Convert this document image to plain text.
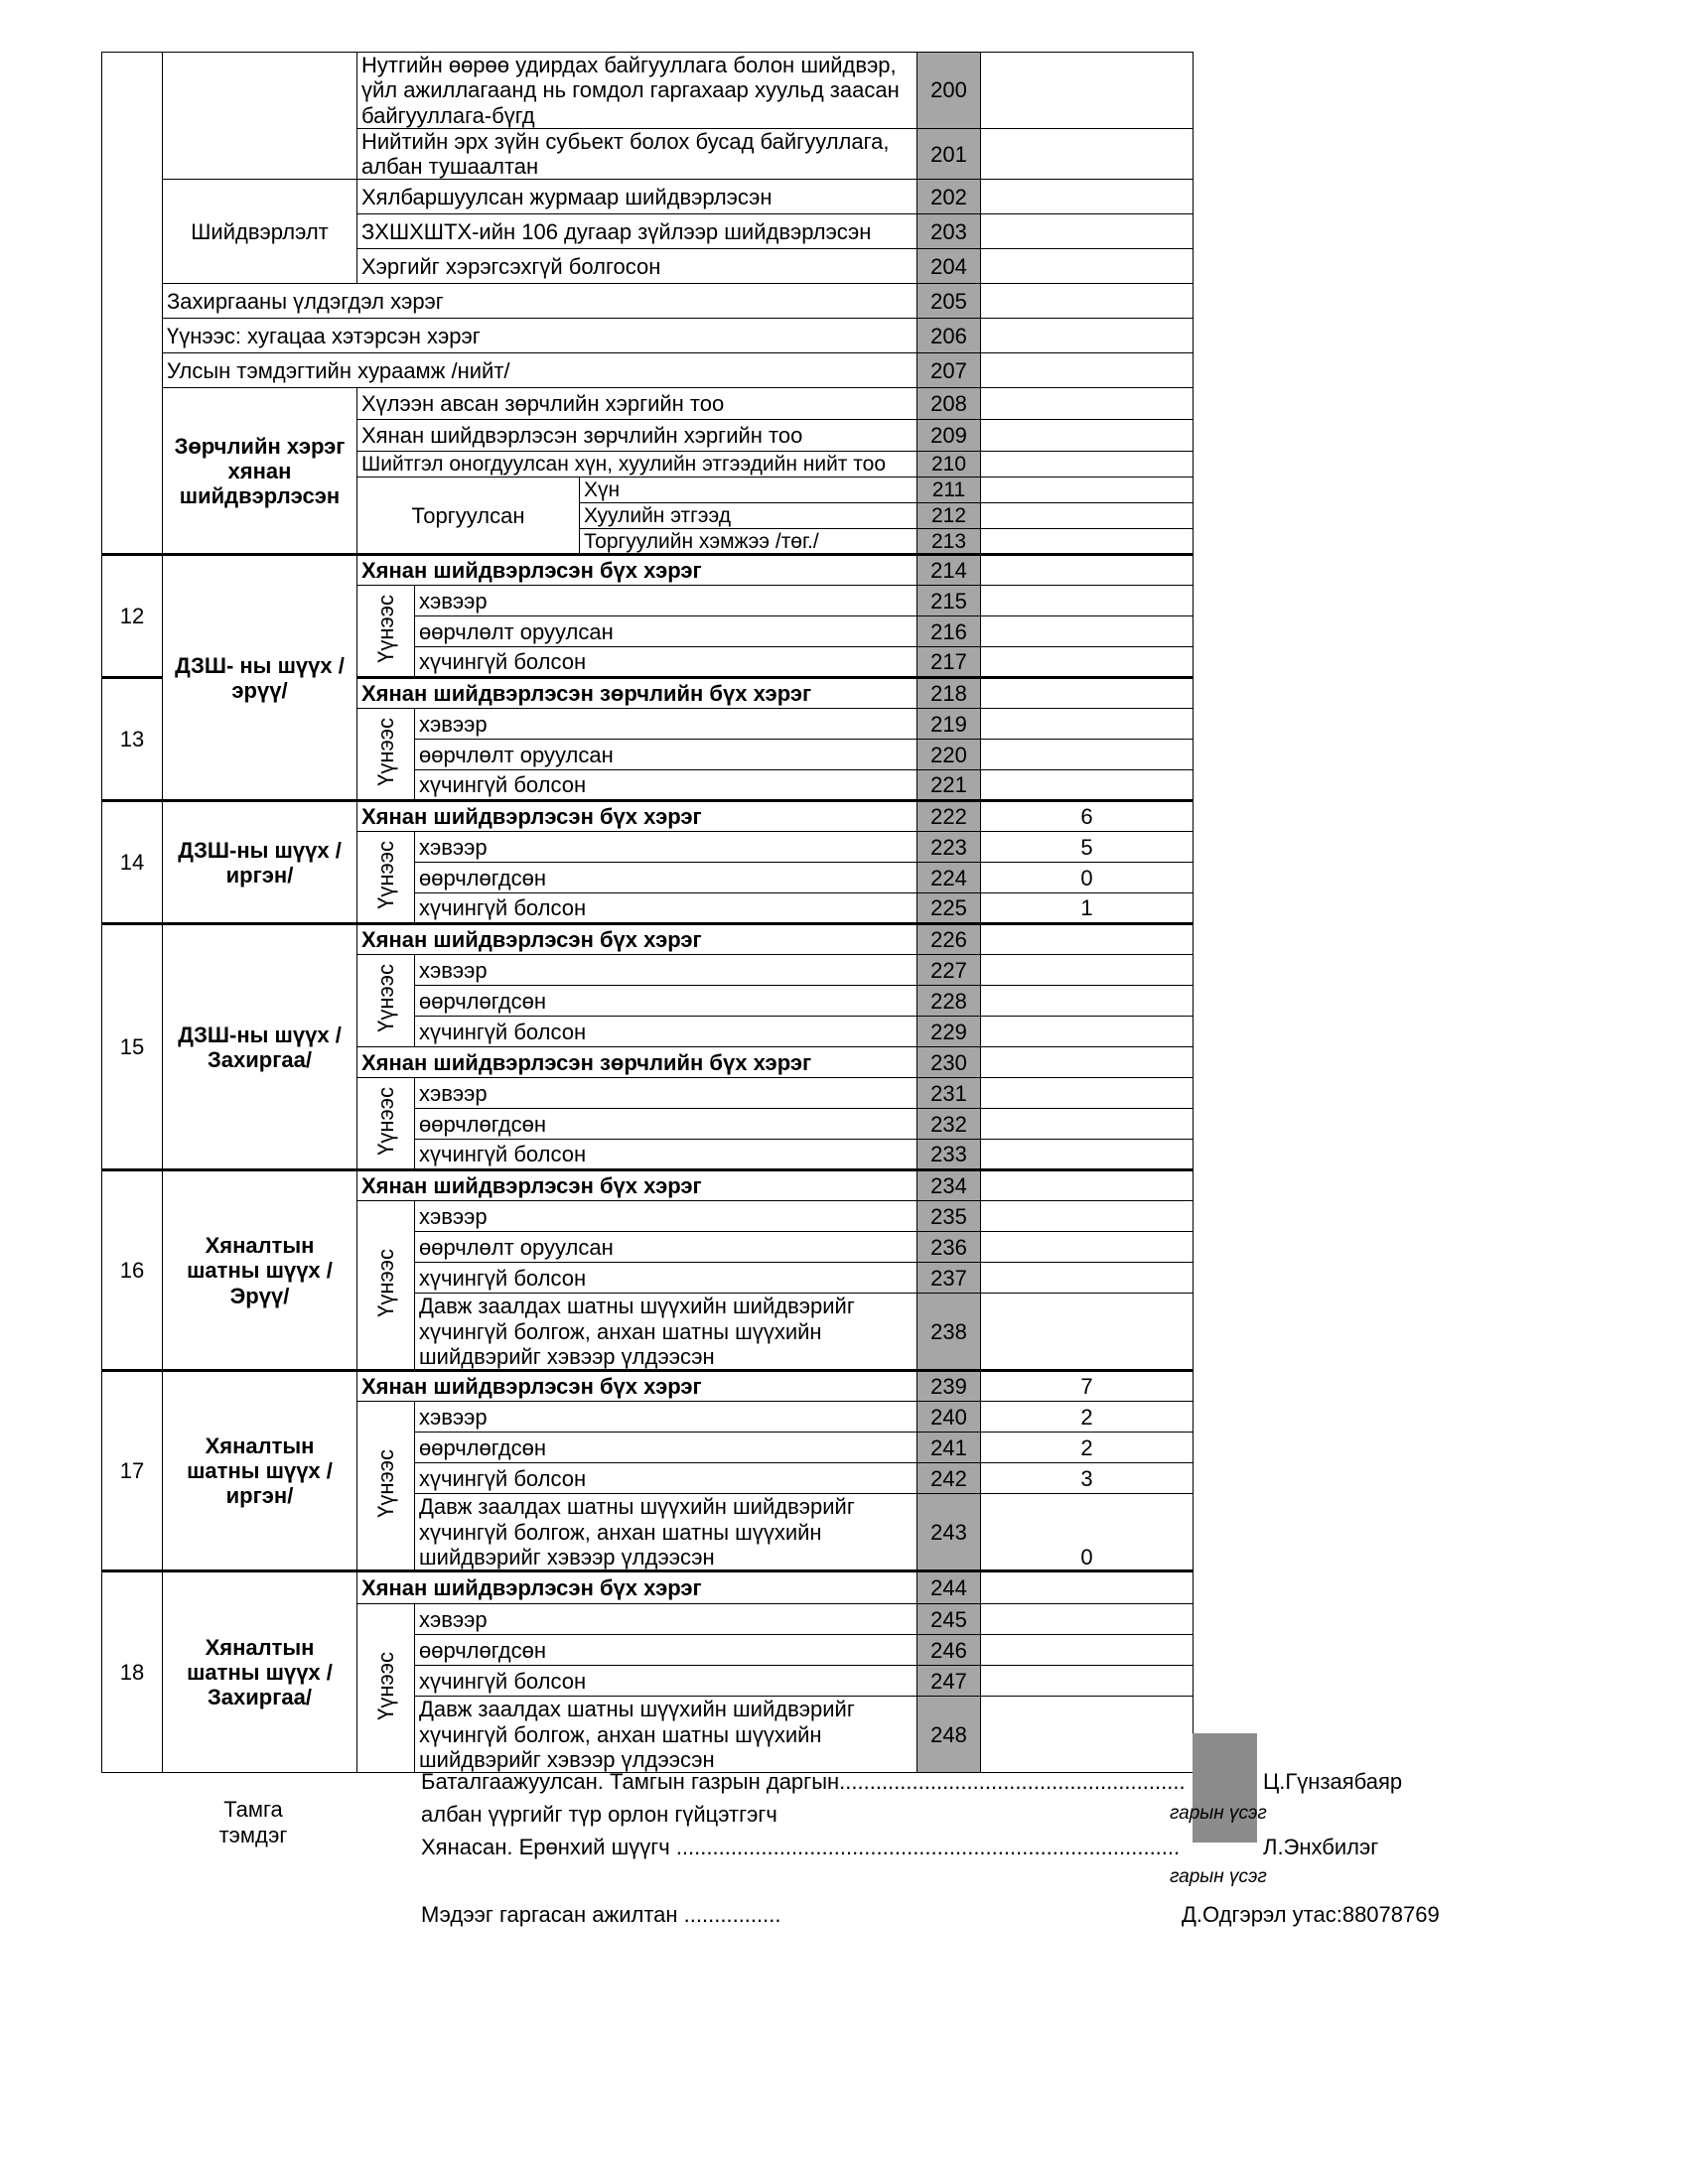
		Нутгийн өөрөө удирдах байгууллага болон шийдвэр, үйл ажиллагаанд нь гомдол гаргахаар хуульд заасан байгууллага-бүгд			200	
		Нийтийн эрх зүйн субьект болох бусад байгууллага, албан тушаалтан			201	
	Шийдвэрлэлт	Хялбаршуулсан журмаар шийдвэрлэсэн			202	
		ЗХШХШТХ-ийн 106 дугаар зүйлээр шийдвэрлэсэн			203	
		Хэргийг хэрэгсэхгүй болгосон			204	
	Захиргааны үлдэгдэл хэрэг				205	
	Үүнээс: хугацаа хэтэрсэн хэрэг				206	
	Улсын тэмдэгтийн хураамж /нийт/				207	
	Зөрчлийн хэрэг хянан шийдвэрлэсэн	Хүлээн авсан зөрчлийн хэргийн тоо			208	
		Хянан шийдвэрлэсэн зөрчлийн хэргийн тоо			209	
		Шийтгэл оногдуулсан хүн, хуулийн этгээдийн нийт тоо			210	
		Торгуулсан		Хүн	211	
				Хуулийн этгээд	212	
				Торгуулийн хэмжээ /төг./	213	
12	ДЗШ- ны шүүх /эрүү/	Хянан шийдвэрлэсэн бүх хэрэг			214	
		Үүнээс	хэвээр		215	
			өөрчлөлт оруулсан		216	
			хүчингүй болсон		217	
13		Хянан шийдвэрлэсэн зөрчлийн бүх хэрэг			218	
		Үүнээс	хэвээр		219	
			өөрчлөлт оруулсан		220	
			хүчингүй болсон		221	
14	ДЗШ-ны шүүх /иргэн/	Хянан шийдвэрлэсэн бүх хэрэг			222	6
		Үүнээс	хэвээр		223	5
			өөрчлөгдсөн		224	0
			хүчингүй болсон		225	1
15	ДЗШ-ны шүүх /Захиргаа/	Хянан шийдвэрлэсэн бүх хэрэг			226	
		Үүнээс	хэвээр		227	
			өөрчлөгдсөн		228	
			хүчингүй болсон		229	
		Хянан шийдвэрлэсэн зөрчлийн бүх хэрэг			230	
		Үүнээс	хэвээр		231	
			өөрчлөгдсөн		232	
			хүчингүй болсон		233	
16	Хяналтын шатны шүүх /Эрүү/	Хянан шийдвэрлэсэн бүх хэрэг			234	
		Үүнээс	хэвээр		235	
			өөрчлөлт оруулсан		236	
			хүчингүй болсон		237	
			Давж заалдах шатны шүүхийн шийдвэрийг хүчингүй болгож, анхан шатны шүүхийн шийдвэрийг хэвээр үлдээсэн		238	
17	Хяналтын шатны шүүх /иргэн/	Хянан шийдвэрлэсэн бүх хэрэг			239	7
		Үүнээс	хэвээр		240	2
			өөрчлөгдсөн		241	2
			хүчингүй болсон		242	3
			Давж заалдах шатны шүүхийн шийдвэрийг хүчингүй болгож, анхан шатны шүүхийн шийдвэрийг хэвээр үлдээсэн		243	0
18	Хяналтын шатны шүүх /Захиргаа/	Хянан шийдвэрлэсэн бүх хэрэг			244	
		Үүнээс	хэвээр		245	
			өөрчлөгдсөн		246	
			хүчингүй болсон		247	
			Давж заалдах шатны шүүхийн шийдвэрийг хүчингүй болгож, анхан шатны шүүхийн шийдвэрийг хэвээр үлдээсэн		248	
Тамга тэмдэг
Баталгаажуулсан. Тамгын газрын даргын.........................................................	Ц.Гүнзаябаяр
албан үүргийг түр орлон гүйцэтгэгч	гарын үсэг
Хянасан. Ерөнхий шүүгч ...................................................................................	Л.Энхбилэг
гарын үсэг
Мэдээг гаргасан ажилтан ................	Д.Одгэрэл утас:88078769
